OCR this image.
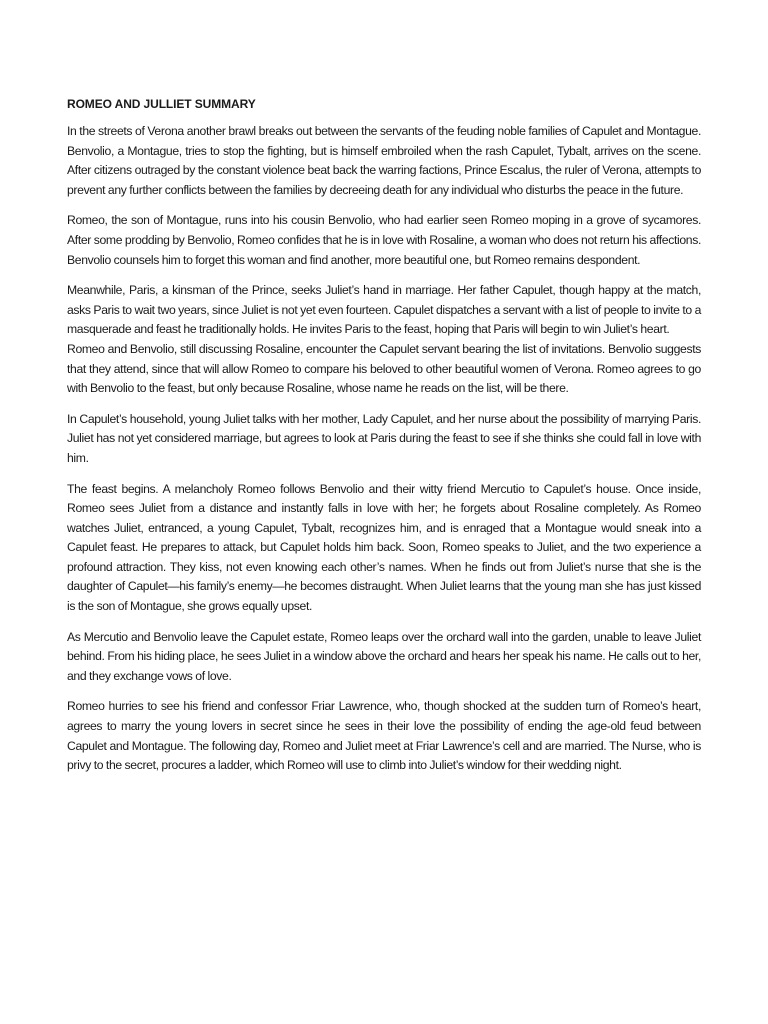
ROMEO AND JULLIET SUMMARY

In the streets of Verona another brawl breaks out between the servants of the feuding noble families of Capulet and Montague. Benvolio, a Montague, tries to stop the fighting, but is himself embroiled when the rash Capulet, Tybalt, arrives on the scene. After citizens outraged by the constant violence beat back the warring factions, Prince Escalus, the ruler of Verona, attempts to prevent any further conflicts between the families by decreeing death for any individual who disturbs the peace in the future.

Romeo, the son of Montague, runs into his cousin Benvolio, who had earlier seen Romeo moping in a grove of sycamores. After some prodding by Benvolio, Romeo confides that he is in love with Rosaline, a woman who does not return his affections. Benvolio counsels him to forget this woman and find another, more beautiful one, but Romeo remains despondent.

Meanwhile, Paris, a kinsman of the Prince, seeks Juliet’s hand in marriage. Her father Capulet, though happy at the match, asks Paris to wait two years, since Juliet is not yet even fourteen. Capulet dispatches a servant with a list of people to invite to a masquerade and feast he traditionally holds. He invites Paris to the feast, hoping that Paris will begin to win Juliet’s heart.

Romeo and Benvolio, still discussing Rosaline, encounter the Capulet servant bearing the list of invitations. Benvolio suggests that they attend, since that will allow Romeo to compare his beloved to other beautiful women of Verona. Romeo agrees to go with Benvolio to the feast, but only because Rosaline, whose name he reads on the list, will be there.

In Capulet’s household, young Juliet talks with her mother, Lady Capulet, and her nurse about the possibility of marrying Paris. Juliet has not yet considered marriage, but agrees to look at Paris during the feast to see if she thinks she could fall in love with him.

The feast begins. A melancholy Romeo follows Benvolio and their witty friend Mercutio to Capulet’s house. Once inside, Romeo sees Juliet from a distance and instantly falls in love with her; he forgets about Rosaline completely. As Romeo watches Juliet, entranced, a young Capulet, Tybalt, recognizes him, and is enraged that a Montague would sneak into a Capulet feast. He prepares to attack, but Capulet holds him back. Soon, Romeo speaks to Juliet, and the two experience a profound attraction. They kiss, not even knowing each other’s names. When he finds out from Juliet’s nurse that she is the daughter of Capulet—his family’s enemy—he becomes distraught. When Juliet learns that the young man she has just kissed is the son of Montague, she grows equally upset.

As Mercutio and Benvolio leave the Capulet estate, Romeo leaps over the orchard wall into the garden, unable to leave Juliet behind. From his hiding place, he sees Juliet in a window above the orchard and hears her speak his name. He calls out to her, and they exchange vows of love.

Romeo hurries to see his friend and confessor Friar Lawrence, who, though shocked at the sudden turn of Romeo’s heart, agrees to marry the young lovers in secret since he sees in their love the possibility of ending the age-old feud between Capulet and Montague. The following day, Romeo and Juliet meet at Friar Lawrence’s cell and are married. The Nurse, who is privy to the secret, procures a ladder, which Romeo will use to climb into Juliet’s window for their wedding night.
